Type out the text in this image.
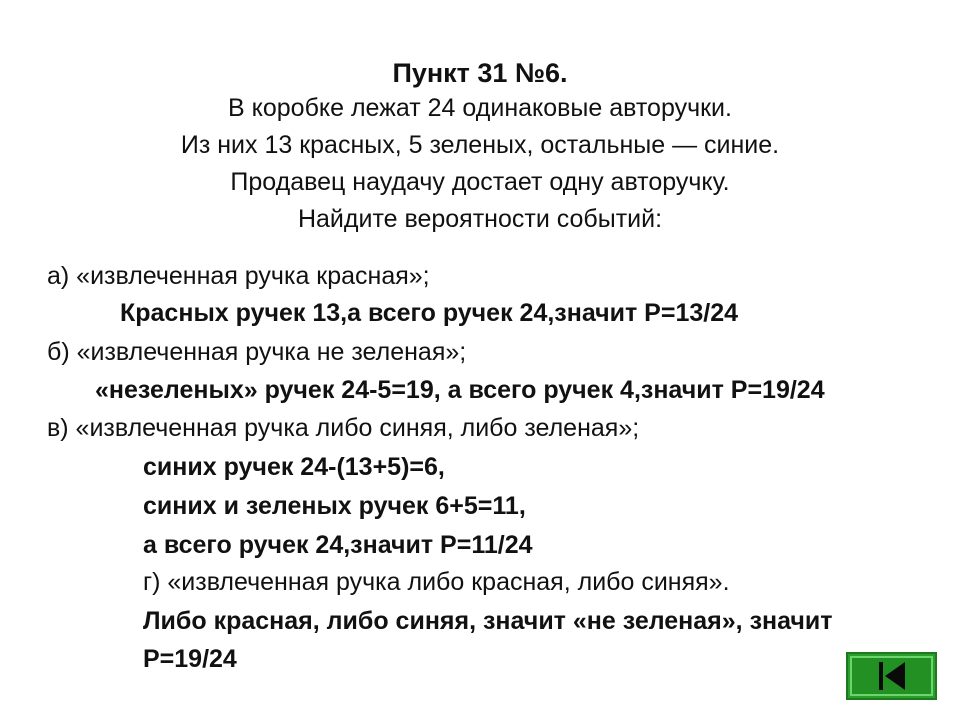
Пункт 31 №6.

В коробке лежат 24 одинаковые авторучки.

Из них 13 красных, 5 зеленых, остальные — синие.

Продавец наудачу достает одну авторучку.

Найдите вероятности событий:

а) «извлеченная ручка красная»;

Красных ручек 13,а всего ручек 24,значит Р=13/24

б) «извлеченная ручка не зеленая»;

«незеленых» ручек 24-5=19, а всего ручек 4,значит Р=19/24

в) «извлеченная ручка либо синяя, либо зеленая»;

синих ручек 24-(13+5)=6,

синих и зеленых ручек 6+5=11,

а всего ручек 24,значит Р=11/24

г) «извлеченная ручка либо красная, либо синяя».

Либо красная, либо синяя, значит «не зеленая», значит

Р=19/24
